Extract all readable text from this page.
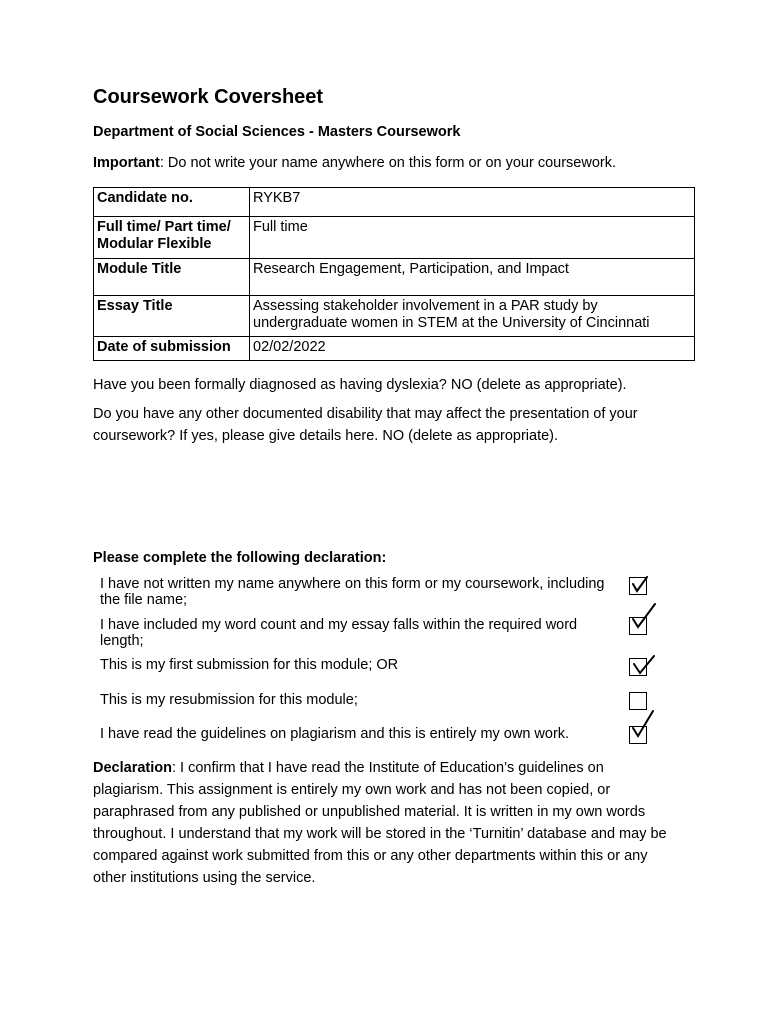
Coursework Coversheet
Department of Social Sciences - Masters Coursework
Important: Do not write your name anywhere on this form or on your coursework.
Candidate no.	RYKB7
Full time/ Part time/ Modular Flexible	Full time
Module Title	Research Engagement, Participation, and Impact
Essay Title	Assessing stakeholder involvement in a PAR study by undergraduate women in STEM at the University of Cincinnati
Date of submission	02/02/2022
Have you been formally diagnosed as having dyslexia? NO (delete as appropriate).
Do you have any other documented disability that may affect the presentation of your coursework? If yes, please give details here. NO (delete as appropriate).
Please complete the following declaration:
I have not written my name anywhere on this form or my coursework, including the file name;
I have included my word count and my essay falls within the required word length;
This is my first submission for this module; OR
This is my resubmission for this module;
I have read the guidelines on plagiarism and this is entirely my own work.
Declaration: I confirm that I have read the Institute of Education’s guidelines on plagiarism. This assignment is entirely my own work and has not been copied, or paraphrased from any published or unpublished material. It is written in my own words throughout. I understand that my work will be stored in the ‘Turnitin’ database and may be compared against work submitted from this or any other departments within this or any other institutions using the service.
